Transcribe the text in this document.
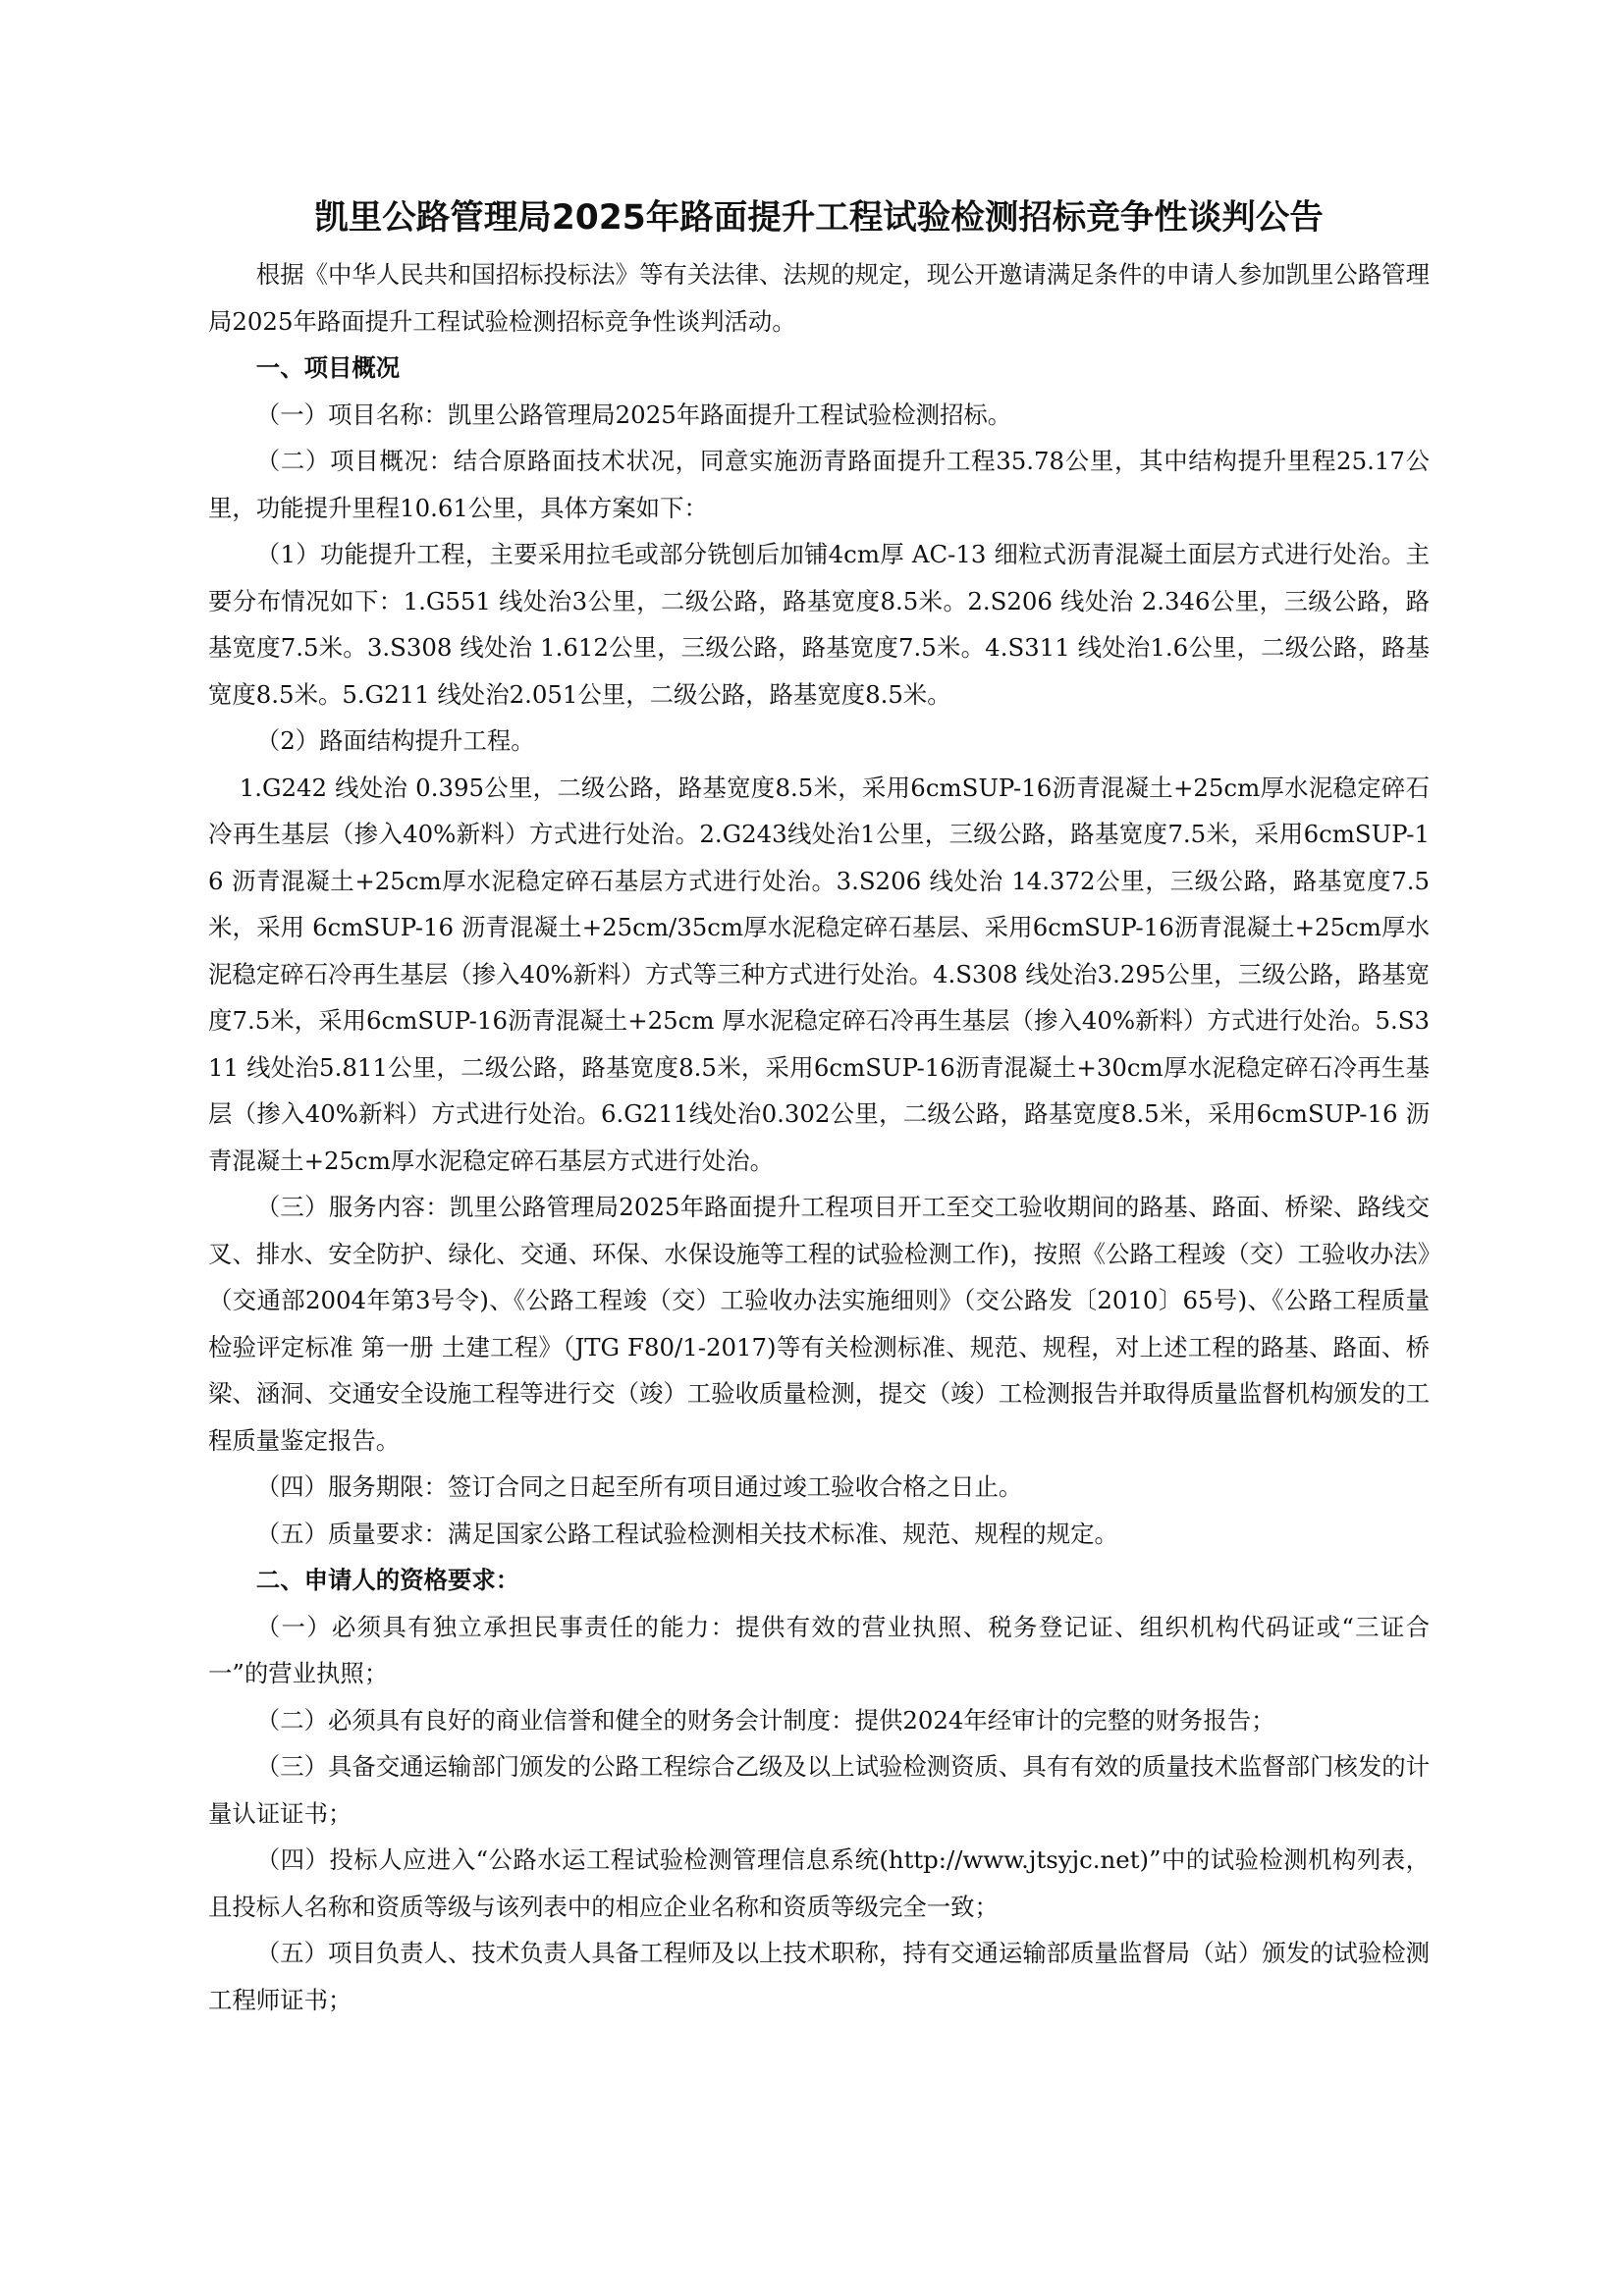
凯里公路管理局2025年路面提升工程试验检测招标竞争性谈判公告

根据《中华人民共和国招标投标法》等有关法律、法规的规定，现公开邀请满足条件的申请人参加凯里公路管理局2025年路面提升工程试验检测招标竞争性谈判活动。

一、项目概况

（一）项目名称：凯里公路管理局2025年路面提升工程试验检测招标。

（二）项目概况：结合原路面技术状况，同意实施沥青路面提升工程35.78公里，其中结构提升里程25.17公里，功能提升里程10.61公里，具体方案如下：

（1）功能提升工程，主要采用拉毛或部分铣刨后加铺4cm厚 AC-13 细粒式沥青混凝土面层方式进行处治。主要分布情况如下：1.G551 线处治3公里，二级公路，路基宽度8.5米。2.S206 线处治 2.346公里，三级公路，路基宽度7.5米。3.S308 线处治 1.612公里，三级公路，路基宽度7.5米。4.S311 线处治1.6公里，二级公路，路基宽度8.5米。5.G211 线处治2.051公里，二级公路，路基宽度8.5米。

（2）路面结构提升工程。

1.G242 线处治 0.395公里，二级公路，路基宽度8.5米，采用6cmSUP-16沥青混凝土+25cm厚水泥稳定碎石冷再生基层（掺入40%新料）方式进行处治。2.G243线处治1公里，三级公路，路基宽度7.5米，采用6cmSUP-16 沥青混凝土+25cm厚水泥稳定碎石基层方式进行处治。3.S206 线处治 14.372公里，三级公路，路基宽度7.5米，采用 6cmSUP-16 沥青混凝土+25cm/35cm厚水泥稳定碎石基层、采用6cmSUP-16沥青混凝土+25cm厚水泥稳定碎石冷再生基层（掺入40%新料）方式等三种方式进行处治。4.S308 线处治3.295公里，三级公路，路基宽度7.5米，采用6cmSUP-16沥青混凝土+25cm 厚水泥稳定碎石冷再生基层（掺入40%新料）方式进行处治。5.S311 线处治5.811公里，二级公路，路基宽度8.5米，采用6cmSUP-16沥青混凝土+30cm厚水泥稳定碎石冷再生基层（掺入40%新料）方式进行处治。6.G211线处治0.302公里，二级公路，路基宽度8.5米，采用6cmSUP-16 沥青混凝土+25cm厚水泥稳定碎石基层方式进行处治。

（三）服务内容：凯里公路管理局2025年路面提升工程项目开工至交工验收期间的路基、路面、桥梁、路线交叉、排水、安全防护、绿化、交通、环保、水保设施等工程的试验检测工作)，按照《公路工程竣（交）工验收办法》（交通部2004年第3号令)、《公路工程竣（交）工验收办法实施细则》（交公路发〔2010〕65号)、《公路工程质量检验评定标准 第一册 土建工程》（JTG F80/1-2017)等有关检测标准、规范、规程，对上述工程的路基、路面、桥梁、涵洞、交通安全设施工程等进行交（竣）工验收质量检测，提交（竣）工检测报告并取得质量监督机构颁发的工程质量鉴定报告。

（四）服务期限：签订合同之日起至所有项目通过竣工验收合格之日止。

（五）质量要求：满足国家公路工程试验检测相关技术标准、规范、规程的规定。

二、申请人的资格要求：

（一）必须具有独立承担民事责任的能力：提供有效的营业执照、税务登记证、组织机构代码证或“三证合一”的营业执照；

（二）必须具有良好的商业信誉和健全的财务会计制度：提供2024年经审计的完整的财务报告；

（三）具备交通运输部门颁发的公路工程综合乙级及以上试验检测资质、具有有效的质量技术监督部门核发的计量认证证书；

（四）投标人应进入“公路水运工程试验检测管理信息系统(http://www.jtsyjc.net)”中的试验检测机构列表，且投标人名称和资质等级与该列表中的相应企业名称和资质等级完全一致；

（五）项目负责人、技术负责人具备工程师及以上技术职称，持有交通运输部质量监督局（站）颁发的试验检测工程师证书；
